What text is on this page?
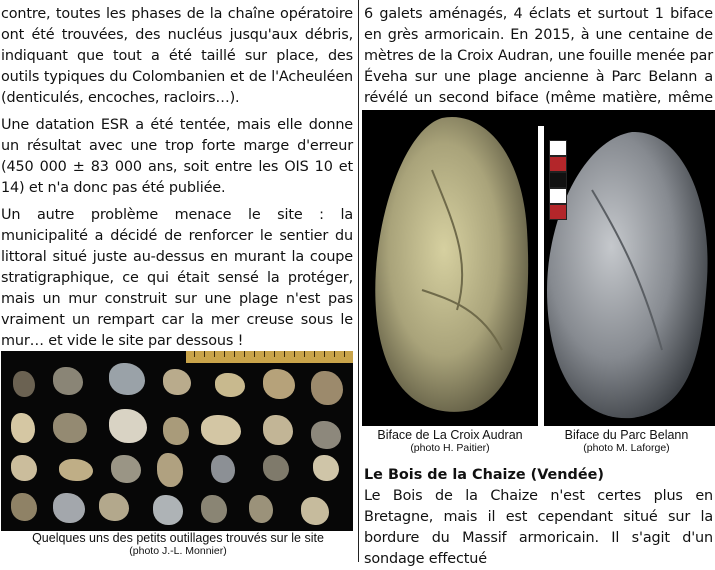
contre, toutes les phases de la chaîne opératoire ont été trouvées, des nucléus jusqu'aux débris, indiquant que tout a été taillé sur place, des outils typiques du Colombanien et de l'Acheuléen (denticulés, encoches, racloirs…).

Une datation ESR a été tentée, mais elle donne un résultat avec une trop forte marge d'erreur (450 000 ± 83 000 ans, soit entre les OIS 10 et 14) et n'a donc pas été publiée.

Un autre problème menace le site : la municipalité a décidé de renforcer le sentier du littoral situé juste au-dessus en murant la coupe stratigraphique, ce qui était sensé la protéger, mais un mur construit sur une plage n'est pas vraiment un rempart car la mer creuse sous le mur… et vide le site par dessous !

Quelques uns des petits outillages trouvés sur le site

(photo J.-L. Monnier)

6 galets aménagés, 4 éclats et surtout 1 biface en grès armoricain. En 2015, à une centaine de mètres de la Croix Audran, une fouille menée par Éveha sur une plage ancienne à Parc Belann a révélé un second biface (même matière, même

Biface de La Croix Audran

(photo H. Paitier)

Biface du Parc Belann

(photo M. Laforge)

Le Bois de la Chaize (Vendée)

Le Bois de la Chaize n'est certes plus en Bretagne, mais il est cependant situé sur la bordure du Massif armoricain. Il s'agit d'un sondage effectué
